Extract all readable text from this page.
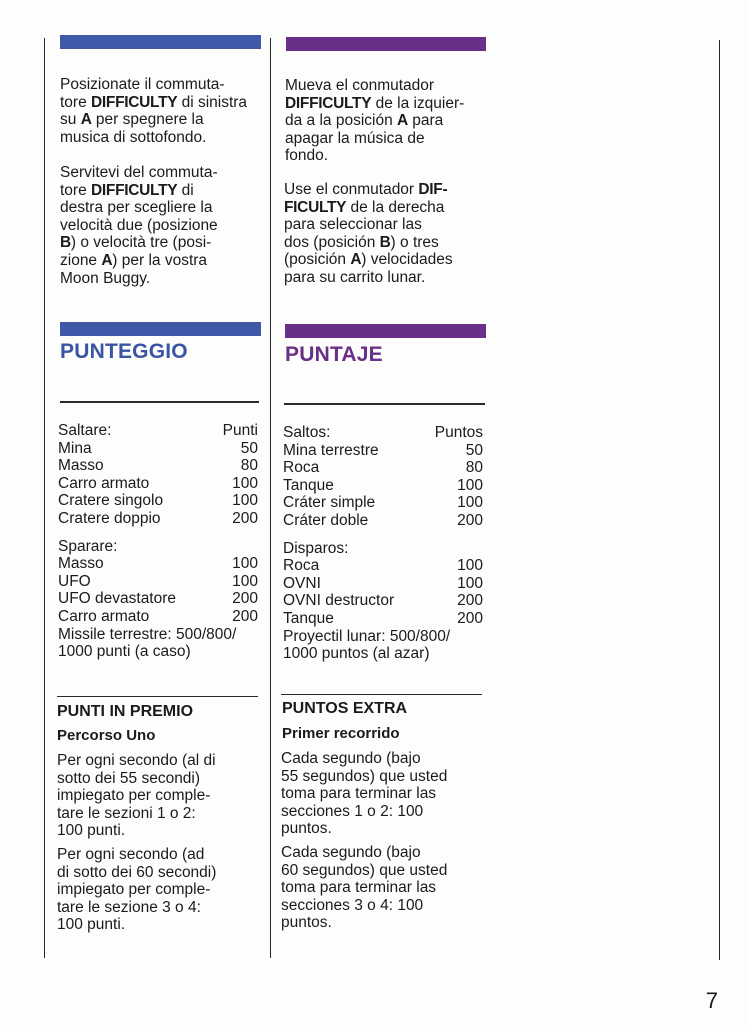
Posizionate il commuta-
tore DIFFICULTY di sinistra
su A per spegnere la
musica di sottofondo.
Servitevi del commuta-
tore DIFFICULTY di
destra per scegliere la
velocità due (posizione
B) o velocità tre (posi-
zione A) per la vostra
Moon Buggy.
PUNTEGGIO
Saltare:	Punti
Mina	50
Masso	80
Carro armato	100
Cratere singolo	100
Cratere doppio	200
Sparare:
Masso	100
UFO	100
UFO devastatore	200
Carro armato	200
Missile terrestre: 500/800/
1000 punti (a caso)
PUNTI IN PREMIO
Percorso Uno
Per ogni secondo (al di
sotto dei 55 secondi)
impiegato per comple-
tare le sezioni 1 o 2:
100 punti.
Per ogni secondo (ad
di sotto dei 60 secondi)
impiegato per comple-
tare le sezione 3 o 4:
100 punti.
Mueva el conmutador
DIFFICULTY de la izquier-
da a la posición A para
apagar la música de
fondo.
Use el conmutador DIF-
FICULTY de la derecha
para seleccionar las
dos (posición B) o tres
(posición A) velocidades
para su carrito lunar.
PUNTAJE
Saltos:	Puntos
Mina terrestre	50
Roca	80
Tanque	100
Cráter simple	100
Cráter doble	200
Disparos:
Roca	100
OVNI	100
OVNI destructor	200
Tanque	200
Proyectil lunar: 500/800/
1000 puntos (al azar)
PUNTOS EXTRA
Primer recorrido
Cada segundo (bajo
55 segundos) que usted
toma para terminar las
secciones 1 o 2: 100
puntos.
Cada segundo (bajo
60 segundos) que usted
toma para terminar las
secciones 3 o 4: 100
puntos.
7
